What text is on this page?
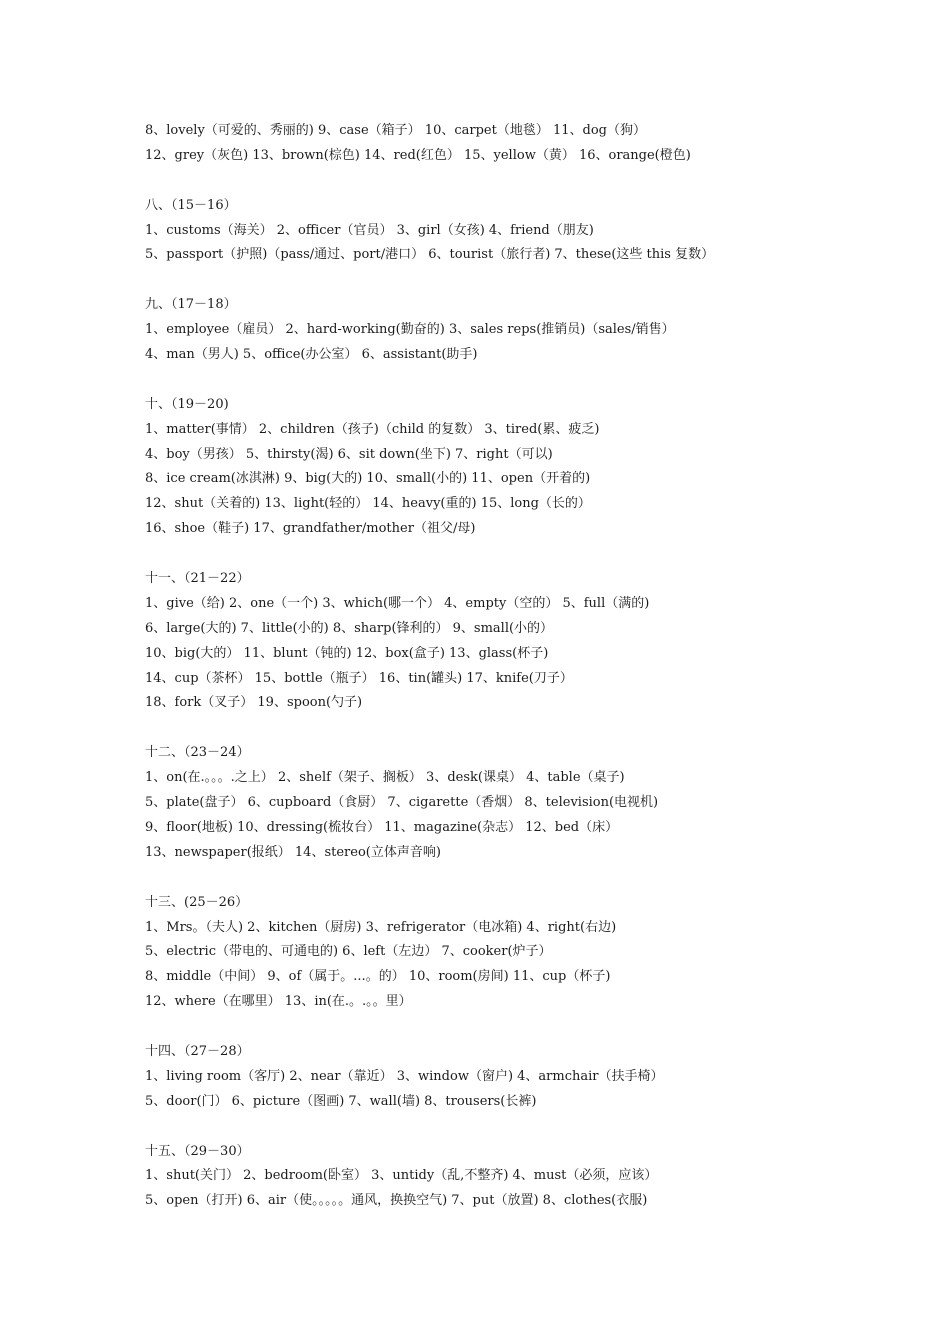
8、lovely（可爱的、秀丽的) 9、case（箱子） 10、carpet（地毯） 11、dog（狗）
12、grey（灰色) 13、brown(棕色) 14、red(红色） 15、yellow（黄） 16、orange(橙色)
八、（15－16）
1、customs（海关） 2、officer（官员） 3、girl（女孩) 4、friend（朋友)
5、passport（护照)（pass/通过、port/港口） 6、tourist（旅行者) 7、these(这些 this 复数）
九、（17－18）
1、employee（雇员） 2、hard-working(勤奋的) 3、sales reps(推销员)（sales/销售）
4、man（男人) 5、office(办公室） 6、assistant(助手)
十、（19－20)
1、matter(事情） 2、children（孩子)（child 的复数） 3、tired(累、疲乏)
4、boy（男孩） 5、thirsty(渴) 6、sit down(坐下) 7、right（可以)
8、ice cream(冰淇淋) 9、big(大的) 10、small(小的) 11、open（开着的)
12、shut（关着的) 13、light(轻的） 14、heavy(重的) 15、long（长的）
16、shoe（鞋子) 17、grandfather/mother（祖父/母)
十一、（21－22）
1、give（给) 2、one（一个) 3、which(哪一个） 4、empty（空的） 5、full（满的)
6、large(大的) 7、little(小的) 8、sharp(锋利的） 9、small(小的）
10、big(大的） 11、blunt（钝的) 12、box(盒子) 13、glass(杯子)
14、cup（茶杯） 15、bottle（瓶子） 16、tin(罐头) 17、knife(刀子）
18、fork（叉子） 19、spoon(勺子)
十二、（23－24）
1、on(在.。。。.之上） 2、shelf（架子、搁板） 3、desk(课桌） 4、table（桌子)
5、plate(盘子） 6、cupboard（食厨） 7、cigarette（香烟） 8、television(电视机)
9、floor(地板) 10、dressing(梳妆台） 11、magazine(杂志） 12、bed（床）
13、newspaper(报纸） 14、stereo(立体声音响)
十三、(25－26）
1、Mrs。（夫人) 2、kitchen（厨房) 3、refrigerator（电冰箱) 4、right(右边)
5、electric（带电的、可通电的) 6、left（左边） 7、cooker(炉子）
8、middle（中间） 9、of（属于。...。的） 10、room(房间) 11、cup（杯子)
12、where（在哪里） 13、in(在.。.。。里）
十四、（27－28）
1、living room（客厅) 2、near（靠近） 3、window（窗户) 4、armchair（扶手椅）
5、door(门） 6、picture（图画) 7、wall(墙) 8、trousers(长裤)
十五、（29－30）
1、shut(关门） 2、bedroom(卧室） 3、untidy（乱,不整齐) 4、must（必须，应该）
5、open（打开) 6、air（使。。。。。通风，换换空气) 7、put（放置) 8、clothes(衣服)
